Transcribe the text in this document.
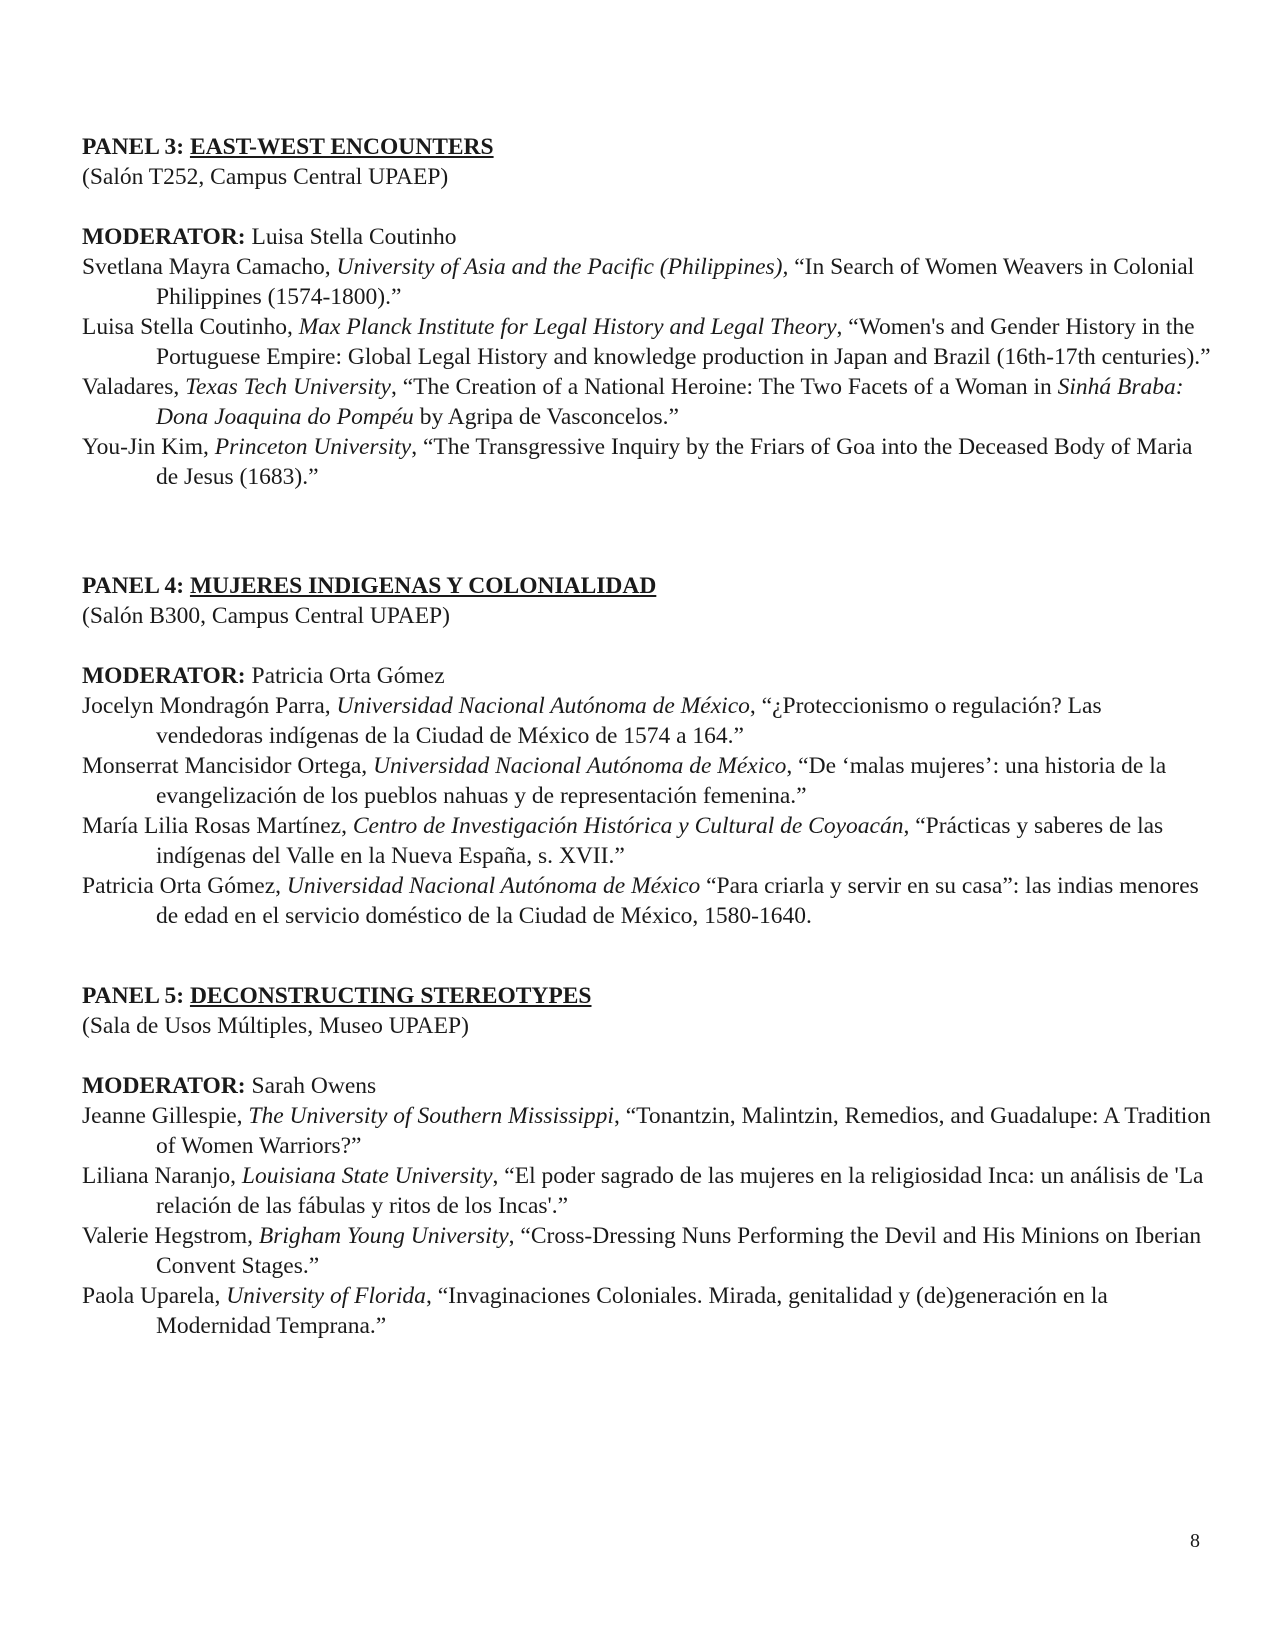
PANEL 3: EAST-WEST ENCOUNTERS

(Salón T252, Campus Central UPAEP)

MODERATOR: Luisa Stella Coutinho

Svetlana Mayra Camacho, University of Asia and the Pacific (Philippines), “In Search of Women Weavers in Colonial Philippines (1574-1800).”

Luisa Stella Coutinho, Max Planck Institute for Legal History and Legal Theory, “Women's and Gender History in the Portuguese Empire: Global Legal History and knowledge production in Japan and Brazil (16th-17th centuries).”

Valadares, Texas Tech University, “The Creation of a National Heroine: The Two Facets of a Woman in Sinhá Braba: Dona Joaquina do Pompéu by Agripa de Vasconcelos.”

You-Jin Kim, Princeton University, “The Transgressive Inquiry by the Friars of Goa into the Deceased Body of Maria de Jesus (1683).”

PANEL 4: MUJERES INDIGENAS Y COLONIALIDAD

(Salón B300, Campus Central UPAEP)

MODERATOR: Patricia Orta Gómez

Jocelyn Mondragón Parra, Universidad Nacional Autónoma de México, “¿Proteccionismo o regulación? Las vendedoras indígenas de la Ciudad de México de 1574 a 164.”

Monserrat Mancisidor Ortega, Universidad Nacional Autónoma de México, “De ‘malas mujeres’: una historia de la evangelización de los pueblos nahuas y de representación femenina.”

María Lilia Rosas Martínez, Centro de Investigación Histórica y Cultural de Coyoacán, “Prácticas y saberes de las indígenas del Valle en la Nueva España, s. XVII.”

Patricia Orta Gómez, Universidad Nacional Autónoma de México “Para criarla y servir en su casa”: las indias menores de edad en el servicio doméstico de la Ciudad de México, 1580-1640.

PANEL 5: DECONSTRUCTING STEREOTYPES

(Sala de Usos Múltiples, Museo UPAEP)

MODERATOR: Sarah Owens

Jeanne Gillespie, The University of Southern Mississippi, “Tonantzin, Malintzin, Remedios, and Guadalupe: A Tradition of Women Warriors?”

Liliana Naranjo, Louisiana State University, “El poder sagrado de las mujeres en la religiosidad Inca: un análisis de 'La relación de las fábulas y ritos de los Incas'.”

Valerie Hegstrom, Brigham Young University, “Cross-Dressing Nuns Performing the Devil and His Minions on Iberian Convent Stages.”

Paola Uparela, University of Florida, “Invaginaciones Coloniales. Mirada, genitalidad y (de)generación en la Modernidad Temprana.”

8
